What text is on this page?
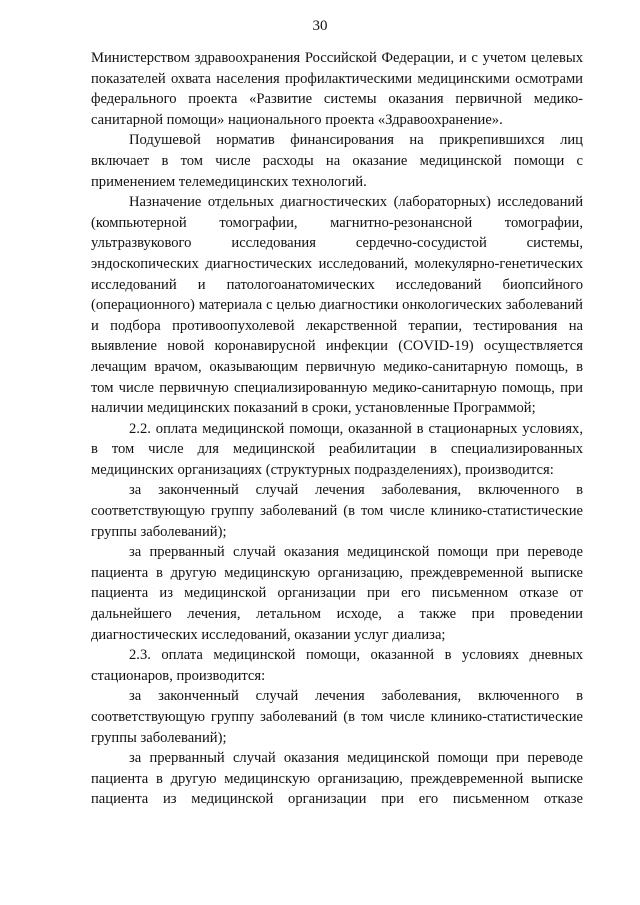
30

Министерством здравоохранения Российской Федерации, и с учетом целевых показателей охвата населения профилактическими медицинскими осмотрами федерального проекта «Развитие системы оказания первичной медико-санитарной помощи» национального проекта «Здравоохранение».

Подушевой норматив финансирования на прикрепившихся лиц включает в том числе расходы на оказание медицинской помощи с применением телемедицинских технологий.

Назначение отдельных диагностических (лабораторных) исследований (компьютерной томографии, магнитно-резонансной томографии, ультразвукового исследования сердечно-сосудистой системы, эндоскопических диагностических исследований, молекулярно-генетических исследований и патологоанатомических исследований биопсийного (операционного) материала с целью диагностики онкологических заболеваний и подбора противоопухолевой лекарственной терапии, тестирования на выявление новой коронавирусной инфекции (COVID-19) осуществляется лечащим врачом, оказывающим первичную медико-санитарную помощь, в том числе первичную специализированную медико-санитарную помощь, при наличии медицинских показаний в сроки, установленные Программой;

2.2. оплата медицинской помощи, оказанной в стационарных условиях, в том числе для медицинской реабилитации в специализированных медицинских организациях (структурных подразделениях), производится:

за законченный случай лечения заболевания, включенного в соответствующую группу заболеваний (в том числе клинико-статистические группы заболеваний);

за прерванный случай оказания медицинской помощи при переводе пациента в другую медицинскую организацию, преждевременной выписке пациента из медицинской организации при его письменном отказе от дальнейшего лечения, летальном исходе, а также при проведении диагностических исследований, оказании услуг диализа;

2.3. оплата медицинской помощи, оказанной в условиях дневных стационаров, производится:

за законченный случай лечения заболевания, включенного в соответствующую группу заболеваний (в том числе клинико-статистические группы заболеваний);

за прерванный случай оказания медицинской помощи при переводе пациента в другую медицинскую организацию, преждевременной выписке пациента из медицинской организации при его письменном отказе
